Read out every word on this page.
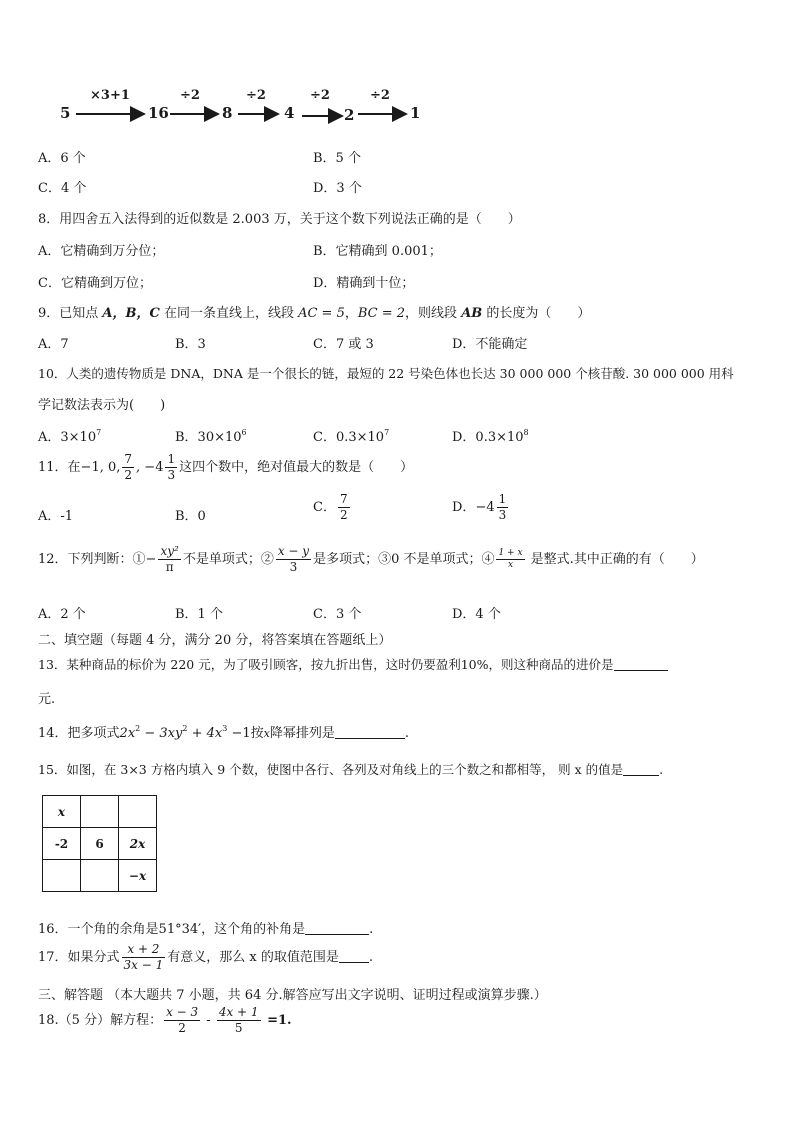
5	16	8	4	2	1
×3+1	÷2	÷2	÷2	÷2
A．6 个	B．5 个
C．4 个	D．3 个
8．用四舍五入法得到的近似数是 2.003 万，关于这个数下列说法正确的是（　　）
A．它精确到万分位；	B．它精确到 0.001；
C．它精确到万位；	D．精确到十位；
9．已知点 A，B，C 在同一条直线上，线段 AC = 5，BC = 2，则线段 AB 的长度为（　　）
A．7	B．3	C．7 或 3	D．不能确定
10．人类的遗传物质是 DNA，DNA 是一个很长的链，最短的 22 号染色体也长达 30 000 000 个核苷酸. 30 000 000 用科
学记数法表示为(　　)
A．$3\times 10^7$	B．$30\times 10^6$	C．$0.3\times 10^7$	D．$0.3\times 10^8$
11．在−1, 0, $\frac{7}{2}$ , $-4 \frac{1}{3}$ 这四个数中，绝对值最大的数是（　　）
A．-1	B．0
C． $\frac{7}{2}$	D．$-4 \frac{1}{3}$
12．下列判断：①− $\frac{\text{xy²}}{\pi}$ 不是单项式；② $\frac{x - y}{3}$ 是多项式；③0 不是单项式；④ $\frac{1 + x}{x}$ 是整式.其中正确的有（　　）
A．2 个	B．1 个	C．3 个	D．4 个
二、填空题（每题 4 分，满分 20 分，将答案填在答题纸上）
13．某种商品的标价为 220 元，为了吸引顾客，按九折出售，这时仍要盈利10%，则这种商品的进价是
元.
14．把多项式$2x^2 - 3xy^2 + 4x^3 -1$按x降幂排列是	.
15．如图，在 3×3 方格内填入 9 个数，使图中各行、各列及对角线上的三个数之和都相等， 则 x 的值是	.
x		
-2	6	2x
		−x
16．一个角的余角是51°34′，这个角的补角是	.
17．如果分式 $\frac{x + 2}{3x - 1}$ 有意义，那么 x 的取值范围是 .
三、解答题 （本大题共 7 小题，共 64 分.解答应写出文字说明、证明过程或演算步骤.）
18.（5 分）解方程： $\frac{x - 3}{2} - \frac{4x + 1}{5} =1$.
